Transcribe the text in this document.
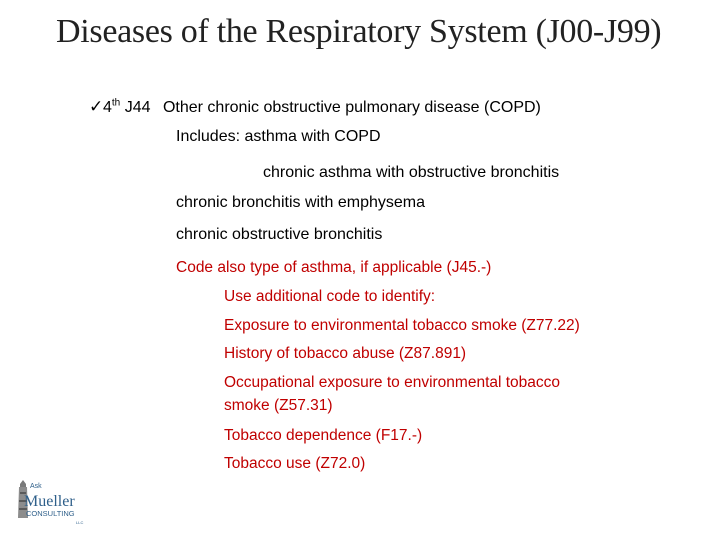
Diseases of the Respiratory System (J00-J99)
✓4th J44 Other chronic obstructive pulmonary disease (COPD)
Includes: asthma with COPD
chronic asthma with obstructive bronchitis
chronic bronchitis with emphysema
chronic obstructive bronchitis
Code also type of asthma, if applicable (J45.-)
Use additional code to identify:
Exposure to environmental tobacco smoke (Z77.22)
History of tobacco abuse (Z87.891)
Occupational exposure to environmental tobacco
smoke (Z57.31)
Tobacco dependence (F17.-)
Tobacco use (Z72.0)
Ask
Mueller
CONSULTING
LLC
